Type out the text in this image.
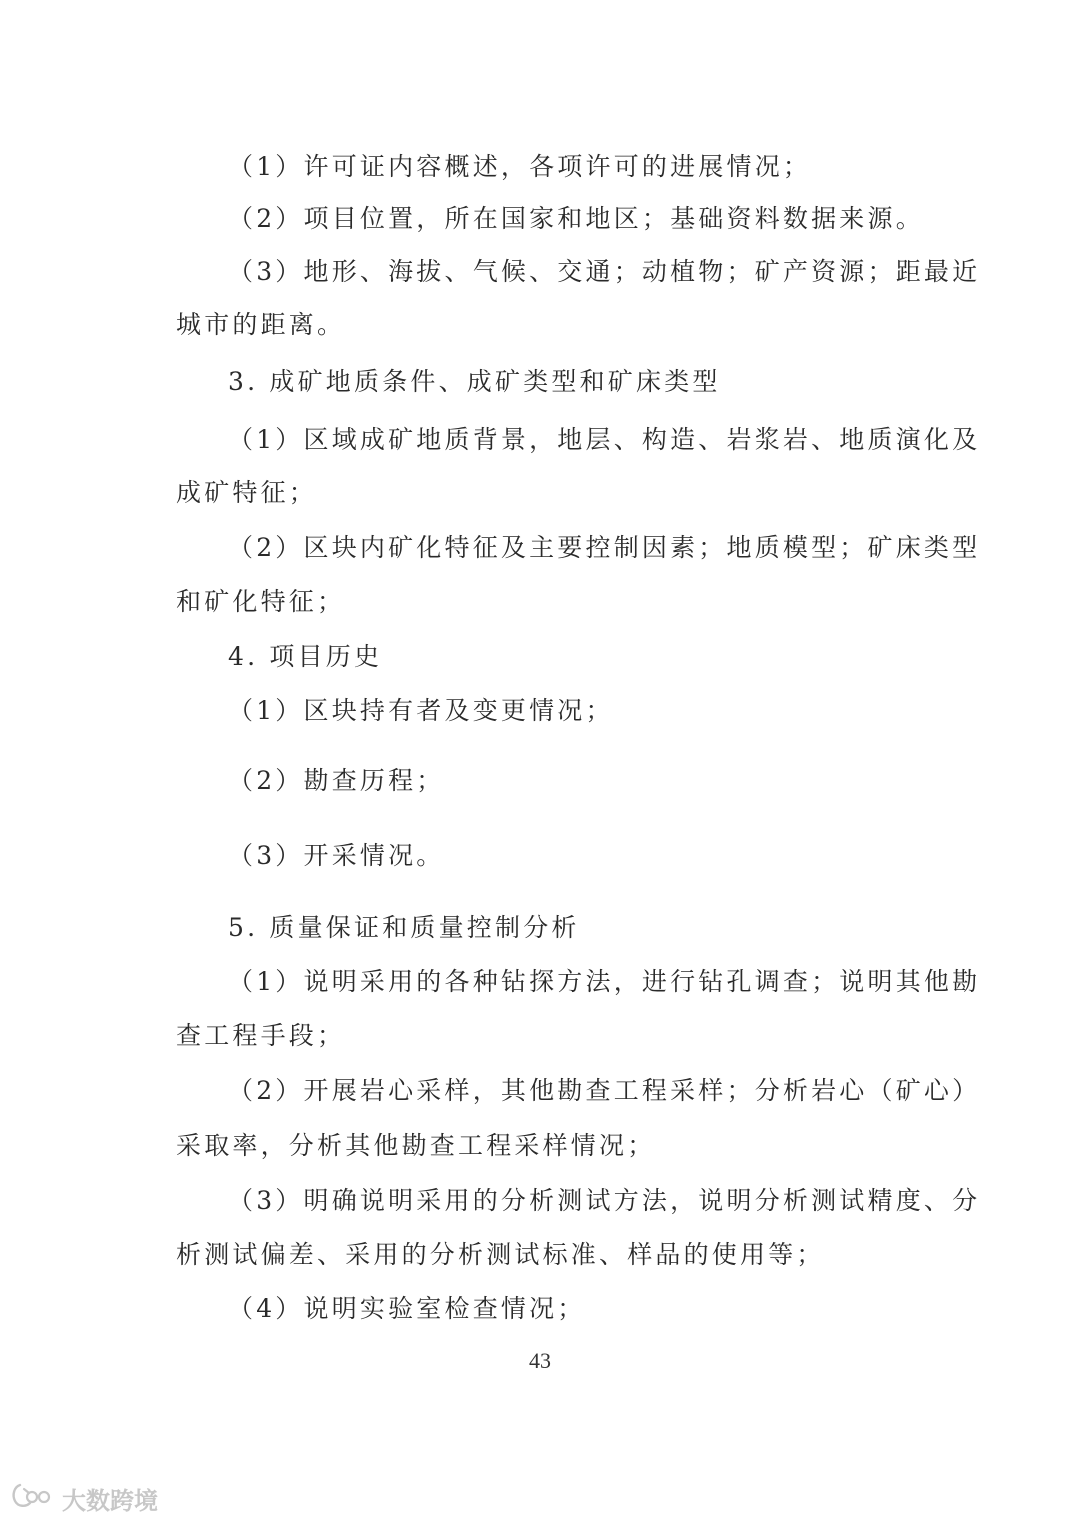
（1）许可证内容概述，各项许可的进展情况；
（2）项目位置，所在国家和地区；基础资料数据来源。
（3）地形、海拔、气候、交通；动植物；矿产资源；距最近
城市的距离。
3. 成矿地质条件、成矿类型和矿床类型
（1）区域成矿地质背景，地层、构造、岩浆岩、地质演化及
成矿特征；
（2）区块内矿化特征及主要控制因素；地质模型；矿床类型
和矿化特征；
4. 项目历史
（1）区块持有者及变更情况；
（2）勘查历程；
（3）开采情况。
5. 质量保证和质量控制分析
（1）说明采用的各种钻探方法，进行钻孔调查；说明其他勘
查工程手段；
（2）开展岩心采样，其他勘查工程采样；分析岩心（矿心）
采取率，分析其他勘查工程采样情况；
（3）明确说明采用的分析测试方法，说明分析测试精度、分
析测试偏差、采用的分析测试标准、样品的使用等；
（4）说明实验室检查情况；
43
大数跨境
